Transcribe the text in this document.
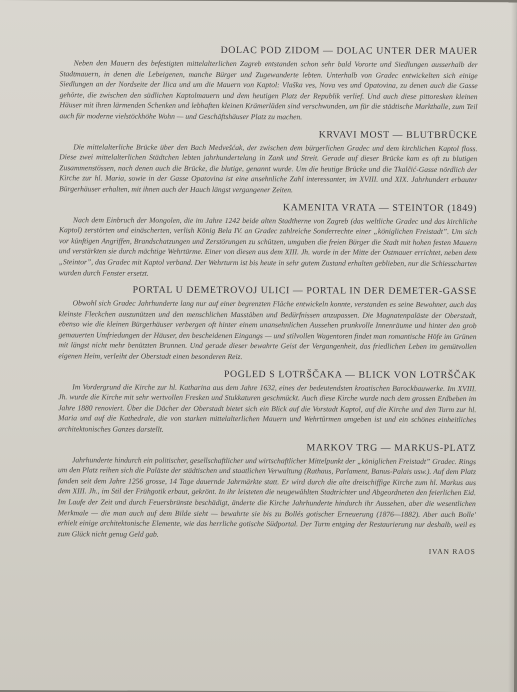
DOLAC POD ZIDOM — DOLAC UNTER DER MAUER

Neben den Mauern des befestigten mittelalterlichen Zagreb entstanden schon sehr bald Vororte und Siedlungen ausserhalb der Stadtmauern, in denen die Lebeigenen, manche Bürger und Zugewanderte lebten. Unterhalb von Gradec entwickelten sich einige Siedlungen an der Nordseite der Ilica und um die Mauern von Kaptol: Vlaška ves, Nova ves und Opatovina, zu denen auch die Gasse gehörte, die zwischen den südlichen Kaptolmauern und dem heutigen Platz der Republik verlief. Und auch diese pittoresken kleinen Häuser mit ihren lärmenden Schenken und lebhaften kleinen Krämerläden sind verschwunden, um für die städtische Markthalle, zum Teil auch für moderne vielstöckhöhe Wohn — und Geschäftshäuser Platz zu machen.

KRVAVI MOST — BLUTBRÜCKE

Die mittelalterliche Brücke über den Bach Medvešćak, der zwischen dem bürgerlichen Gradec und dem kirchlichen Kaptol floss. Diese zwei mittelalterlichen Städtchen lebten jahrhundertelang in Zank und Streit. Gerade auf dieser Brücke kam es oft zu blutigen Zusammenstössen, nach denen auch die Brücke, die blutige, genannt wurde. Um die heutige Brücke und die Tkalčić-Gasse nördlich der Kirche zur hl. Maria, sowie in der Gasse Opatovina ist eine ansehnliche Zahl interessanter, im XVIII. und XIX. Jahrhundert erbauter Bürgerhäuser erhalten, mit ihnen auch der Hauch längst vergangener Zeiten.

KAMENITA VRATA — STEINTOR (1849)

Nach dem Einbruch der Mongolen, die im Jahre 1242 beide alten Stadtherne von Zagreb (das weltliche Gradec und das kirchliche Kaptol) zerstörten und einäscherten, verlish König Bela IV. an Gradec zahlreiche Sonderrechte einer „königlichen Freistadt”. Um sich vor künftigen Angriffen, Brandschatzungen und Zerstörungen zu schützen, umgaben die freien Bürger die Stadt mit hohen festen Mauern und verstärkten sie durch mächtige Wehrtürme. Einer von diesen aus dem XIII. Jh. wurde in der Mitte der Ostmauer errichtet, neben dem „Steintor”, das Gradec mit Kaptol verband. Der Wehrturm ist bis heute in sehr gutem Zustand erhalten geblieben, nur die Schiesscharten wurden durch Fenster ersetzt.

PORTAL U DEMETROVOJ ULICI — PORTAL IN DER DEMETER-GASSE

Obwohl sich Gradec Jahrhunderte lang nur auf einer begrenzten Fläche entwickeln konnte, verstanden es seine Bewohner, auch das kleinste Fleckchen auszunützen und den menschlichen Masstäben und Bedürfnissen anzupassen. Die Magnatenpaläste der Oberstadt, ebenso wie die kleinen Bürgerhäuser verbergen oft hinter einem unansehnlichen Aussehen prunkvolle Innenräume und hinter den grob gemauerten Umfriedungen der Häuser, den bescheidenen Eingangs — und stilvollen Wagentoren findet man romantische Höfe im Grünen mit längst nicht mehr benützten Brunnen. Und gerade dieser bewahrte Geist der Vergangenheit, das friedlichen Leben im gemütvollen eigenen Heim, verleiht der Oberstadt einen besonderen Reiz.

POGLED S LOTRŠČAKA — BLICK VON LOTRŠČAK

Im Vordergrund die Kirche zur hl. Katharina aus dem Jahre 1632, eines der bedeutendsten kroatischen Barockbauwerke. Im XVIII. Jh. wurde die Kirche mit sehr wertvollen Fresken und Stukkaturen geschmückt. Auch diese Kirche wurde nach dem grossen Erdbeben im Jahre 1880 renoviert. Über die Dächer der Oberstadt bietet sich ein Blick auf die Vorstadt Kaptol, auf die Kirche und den Turm zur hl. Maria und auf die Kathedrale, die von starken mittelalterlichen Mauern und Wehrtürmen umgeben ist und ein schönes einheitliches architektonisches Ganzes darstellt.

MARKOV TRG — MARKUS-PLATZ

Jahrhunderte hindurch ein politischer, gesellschaftlicher und wirtschaftlicher Mittelpunkt der „königlichen Freistadt” Gradec. Rings um den Platz reihen sich die Paläste der städtischen und staatlichen Verwaltung (Rathaus, Parlament, Banus-Palais usw.). Auf dem Platz fanden seit dem Jahre 1256 grosse, 14 Tage dauernde Jahrmärkte statt. Er wird durch die alte dreischiffige Kirche zum hl. Markus aus dem XIII. Jh., im Stil der Frühgotik erbaut, gekrönt. In ihr leisteten die neugewählten Stadtrichter und Abgeordneten den feierlichen Eid. Im Laufe der Zeit und durch Feuersbrünste beschädigt, änderte die Kirche Jahrhunderte hindurch ihr Aussehen, aber die wesentlichen Merkmale — die man auch auf dem Bilde sieht — bewahrte sie bis zu Bollés gotischer Erneuerung (1876—1882). Aber auch Bolle' erhielt einige architektonische Elemente, wie das herrliche gotische Südportal. Der Turm entging der Restaurierung nur deshalb, weil es zum Glück nicht genug Geld gab.

IVAN RAOS
